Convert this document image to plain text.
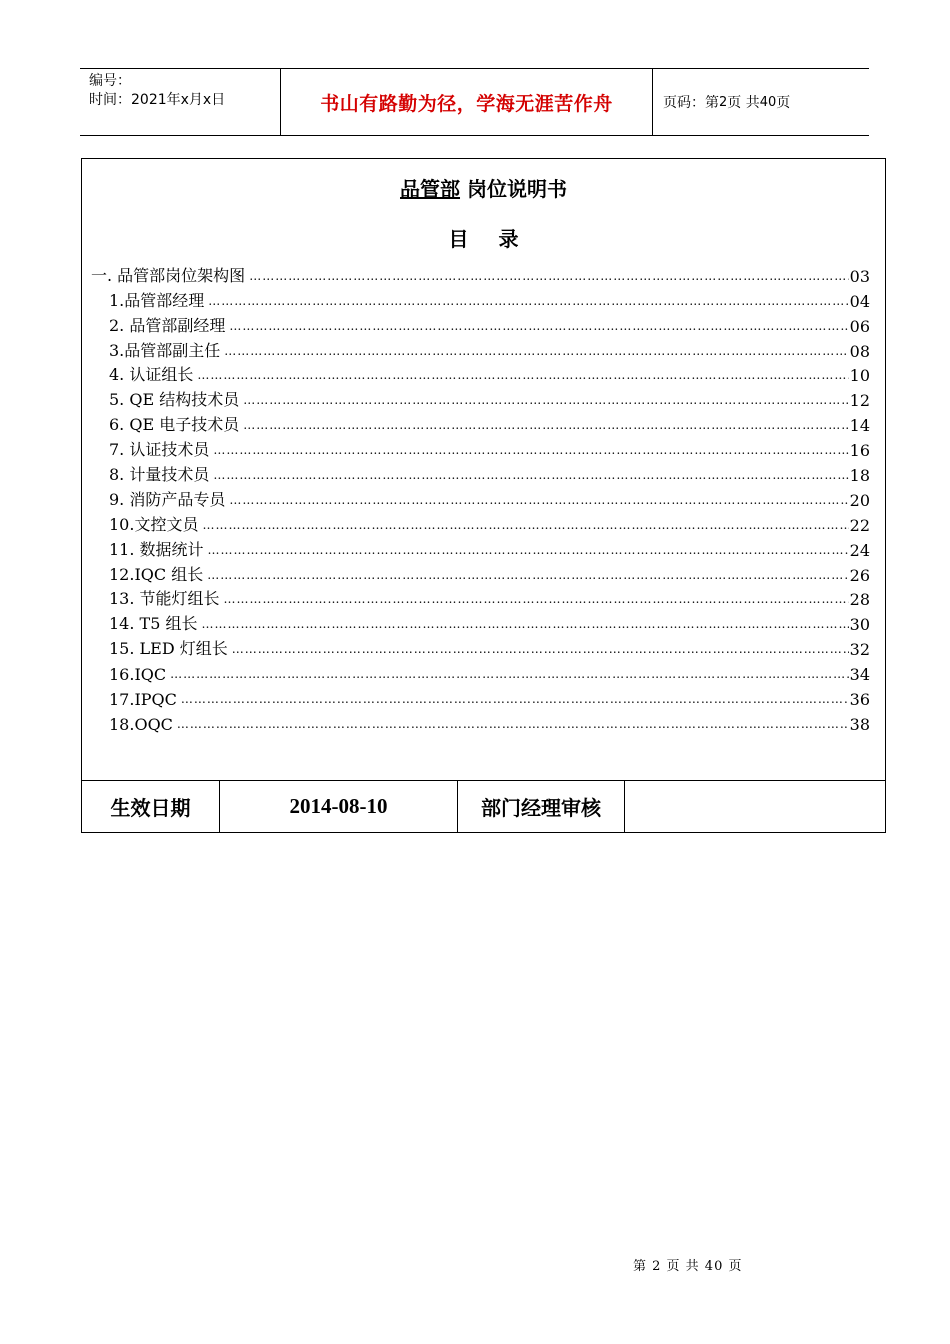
编号：
时间：2021年x月x日	书山有路勤为径，学海无涯苦作舟	页码：第 2 页 共 40 页
品管部 岗位说明书
目录
一. 品管部岗位架构图 …………………………………………………………………………………………………………………………………………………………………………………………………………	03
1.品管部经理 …………………………………………………………………………………………………………………………………………………………………………………………………………	04
2. 品管部副经理 …………………………………………………………………………………………………………………………………………………………………………………………………………	06
3.品管部副主任 …………………………………………………………………………………………………………………………………………………………………………………………………………	08
4. 认证组长 …………………………………………………………………………………………………………………………………………………………………………………………………………	10
5. QE 结构技术员 …………………………………………………………………………………………………………………………………………………………………………………………………………	12
6. QE 电子技术员 …………………………………………………………………………………………………………………………………………………………………………………………………………	14
7. 认证技术员 …………………………………………………………………………………………………………………………………………………………………………………………………………	16
8. 计量技术员 …………………………………………………………………………………………………………………………………………………………………………………………………………	18
9. 消防产品专员 …………………………………………………………………………………………………………………………………………………………………………………………………………	20
10.文控文员 …………………………………………………………………………………………………………………………………………………………………………………………………………	22
11. 数据统计 …………………………………………………………………………………………………………………………………………………………………………………………………………	24
12.IQC 组长 …………………………………………………………………………………………………………………………………………………………………………………………………………	26
13. 节能灯组长 …………………………………………………………………………………………………………………………………………………………………………………………………………	28
14. T5 组长 …………………………………………………………………………………………………………………………………………………………………………………………………………	30
15. LED 灯组长 …………………………………………………………………………………………………………………………………………………………………………………………………………	32
16.IQC …………………………………………………………………………………………………………………………………………………………………………………………………………	34
17.IPQC …………………………………………………………………………………………………………………………………………………………………………………………………………	36
18.OQC …………………………………………………………………………………………………………………………………………………………………………………………………………	38
生效日期	2014-08-10	部门经理审核
第 2 页 共 40 页
